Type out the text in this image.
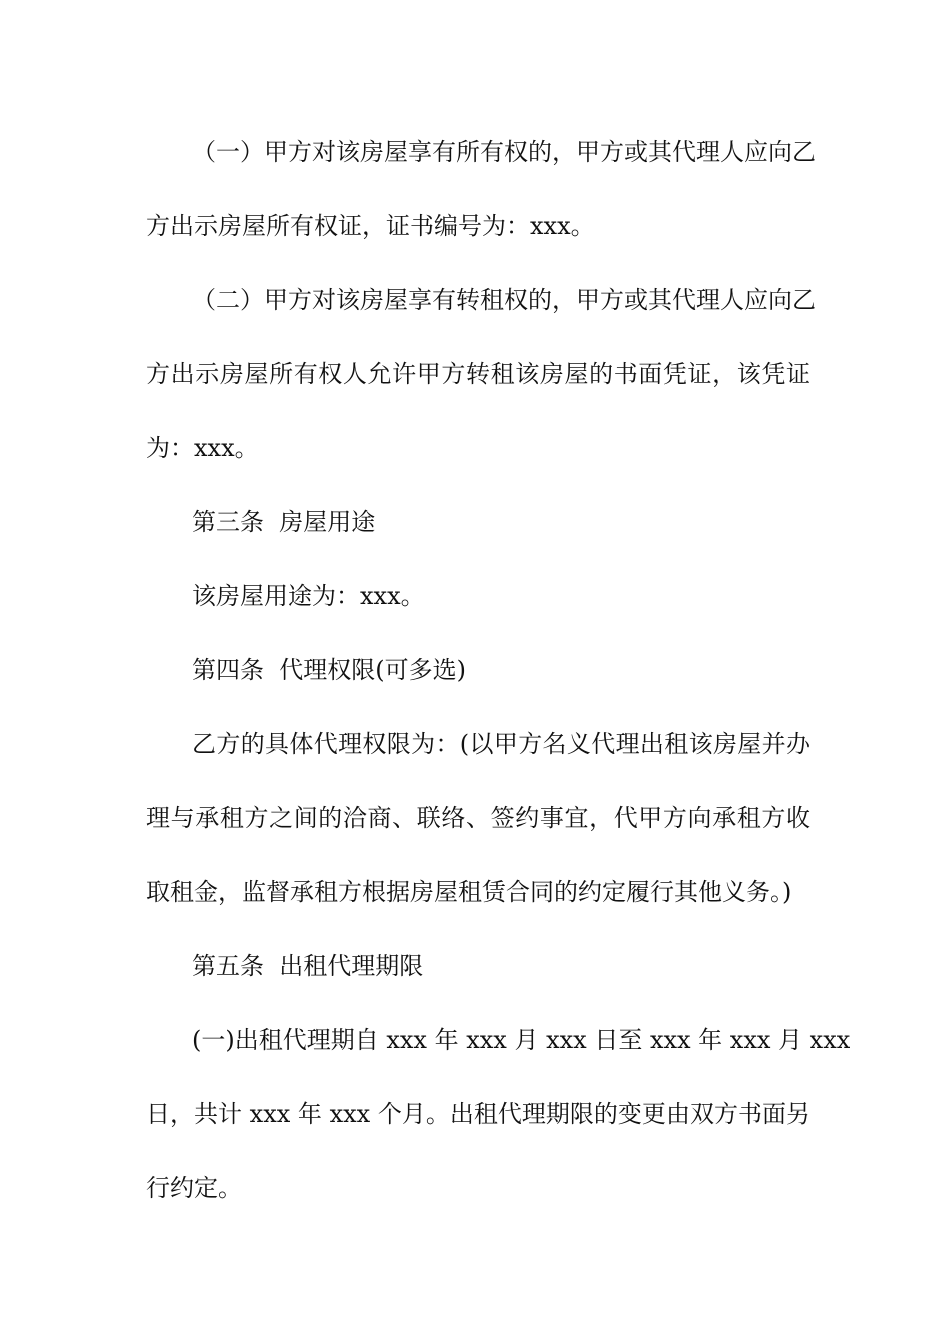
（一）甲方对该房屋享有所有权的，甲方或其代理人应向乙
方出示房屋所有权证，证书编号为：xxx。
（二）甲方对该房屋享有转租权的，甲方或其代理人应向乙
方出示房屋所有权人允许甲方转租该房屋的书面凭证，该凭证
为：xxx。
第三条  房屋用途
该房屋用途为：xxx。
第四条  代理权限(可多选)
乙方的具体代理权限为：(以甲方名义代理出租该房屋并办
理与承租方之间的洽商、联络、签约事宜，代甲方向承租方收
取租金，监督承租方根据房屋租赁合同的约定履行其他义务。)
第五条  出租代理期限
(一)出租代理期自 xxx 年 xxx 月 xxx 日至 xxx 年 xxx 月 xxx
日，共计 xxx 年 xxx 个月。出租代理期限的变更由双方书面另
行约定。
